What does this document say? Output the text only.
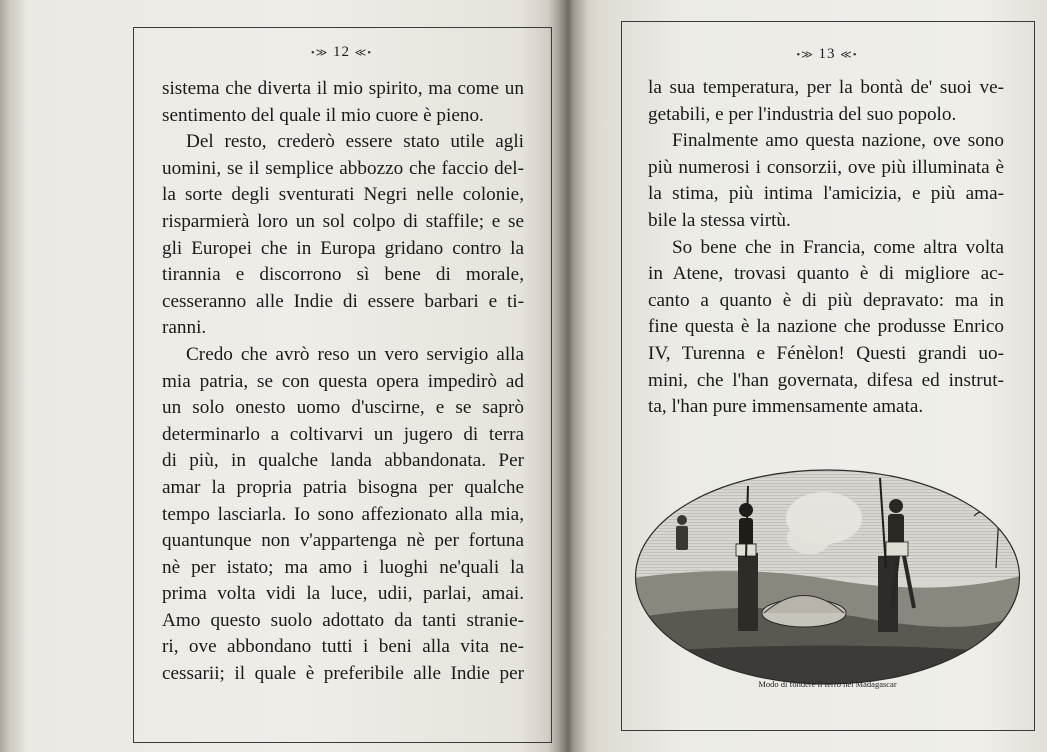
•≫ 12 ≪•	•≫ 13 ≪•
sistema che diverta il mio spirito, ma come un
sentimento del quale il mio cuore è pieno.
Del resto, crederò essere stato utile agli
uomini, se il semplice abbozzo che faccio del-
la sorte degli sventurati Negri nelle colonie,
risparmierà loro un sol colpo di staffile; e se
gli Europei che in Europa gridano contro la
tirannia e discorrono sì bene di morale,
cesseranno alle Indie di essere barbari e ti-
ranni.
Credo che avrò reso un vero servigio alla
mia patria, se con questa opera impedirò ad
un solo onesto uomo d'uscirne, e se saprò
determinarlo a coltivarvi un jugero di terra
di più, in qualche landa abbandonata. Per
amar la propria patria bisogna per qualche
tempo lasciarla. Io sono affezionato alla mia,
quantunque non v'appartenga nè per fortuna
nè per istato; ma amo i luoghi ne'quali la
prima volta vidi la luce, udii, parlai, amai.
Amo questo suolo adottato da tanti stranie-
ri, ove abbondano tutti i beni alla vita ne-
cessarii; il quale è preferibile alle Indie per
la sua temperatura, per la bontà de' suoi ve-
getabili, e per l'industria del suo popolo.
Finalmente amo questa nazione, ove sono
più numerosi i consorzii, ove più illuminata è
la stima, più intima l'amicizia, e più ama-
bile la stessa virtù.
So bene che in Francia, come altra volta
in Atene, trovasi quanto è di migliore ac-
canto a quanto è di più depravato: ma in
fine questa è la nazione che produsse Enrico
IV, Turenna e Fénèlon! Questi grandi uo-
mini, che l'han governata, difesa ed instrut-
ta, l'han pure immensamente amata.
Modo di fondere il ferro nel Madagascar
